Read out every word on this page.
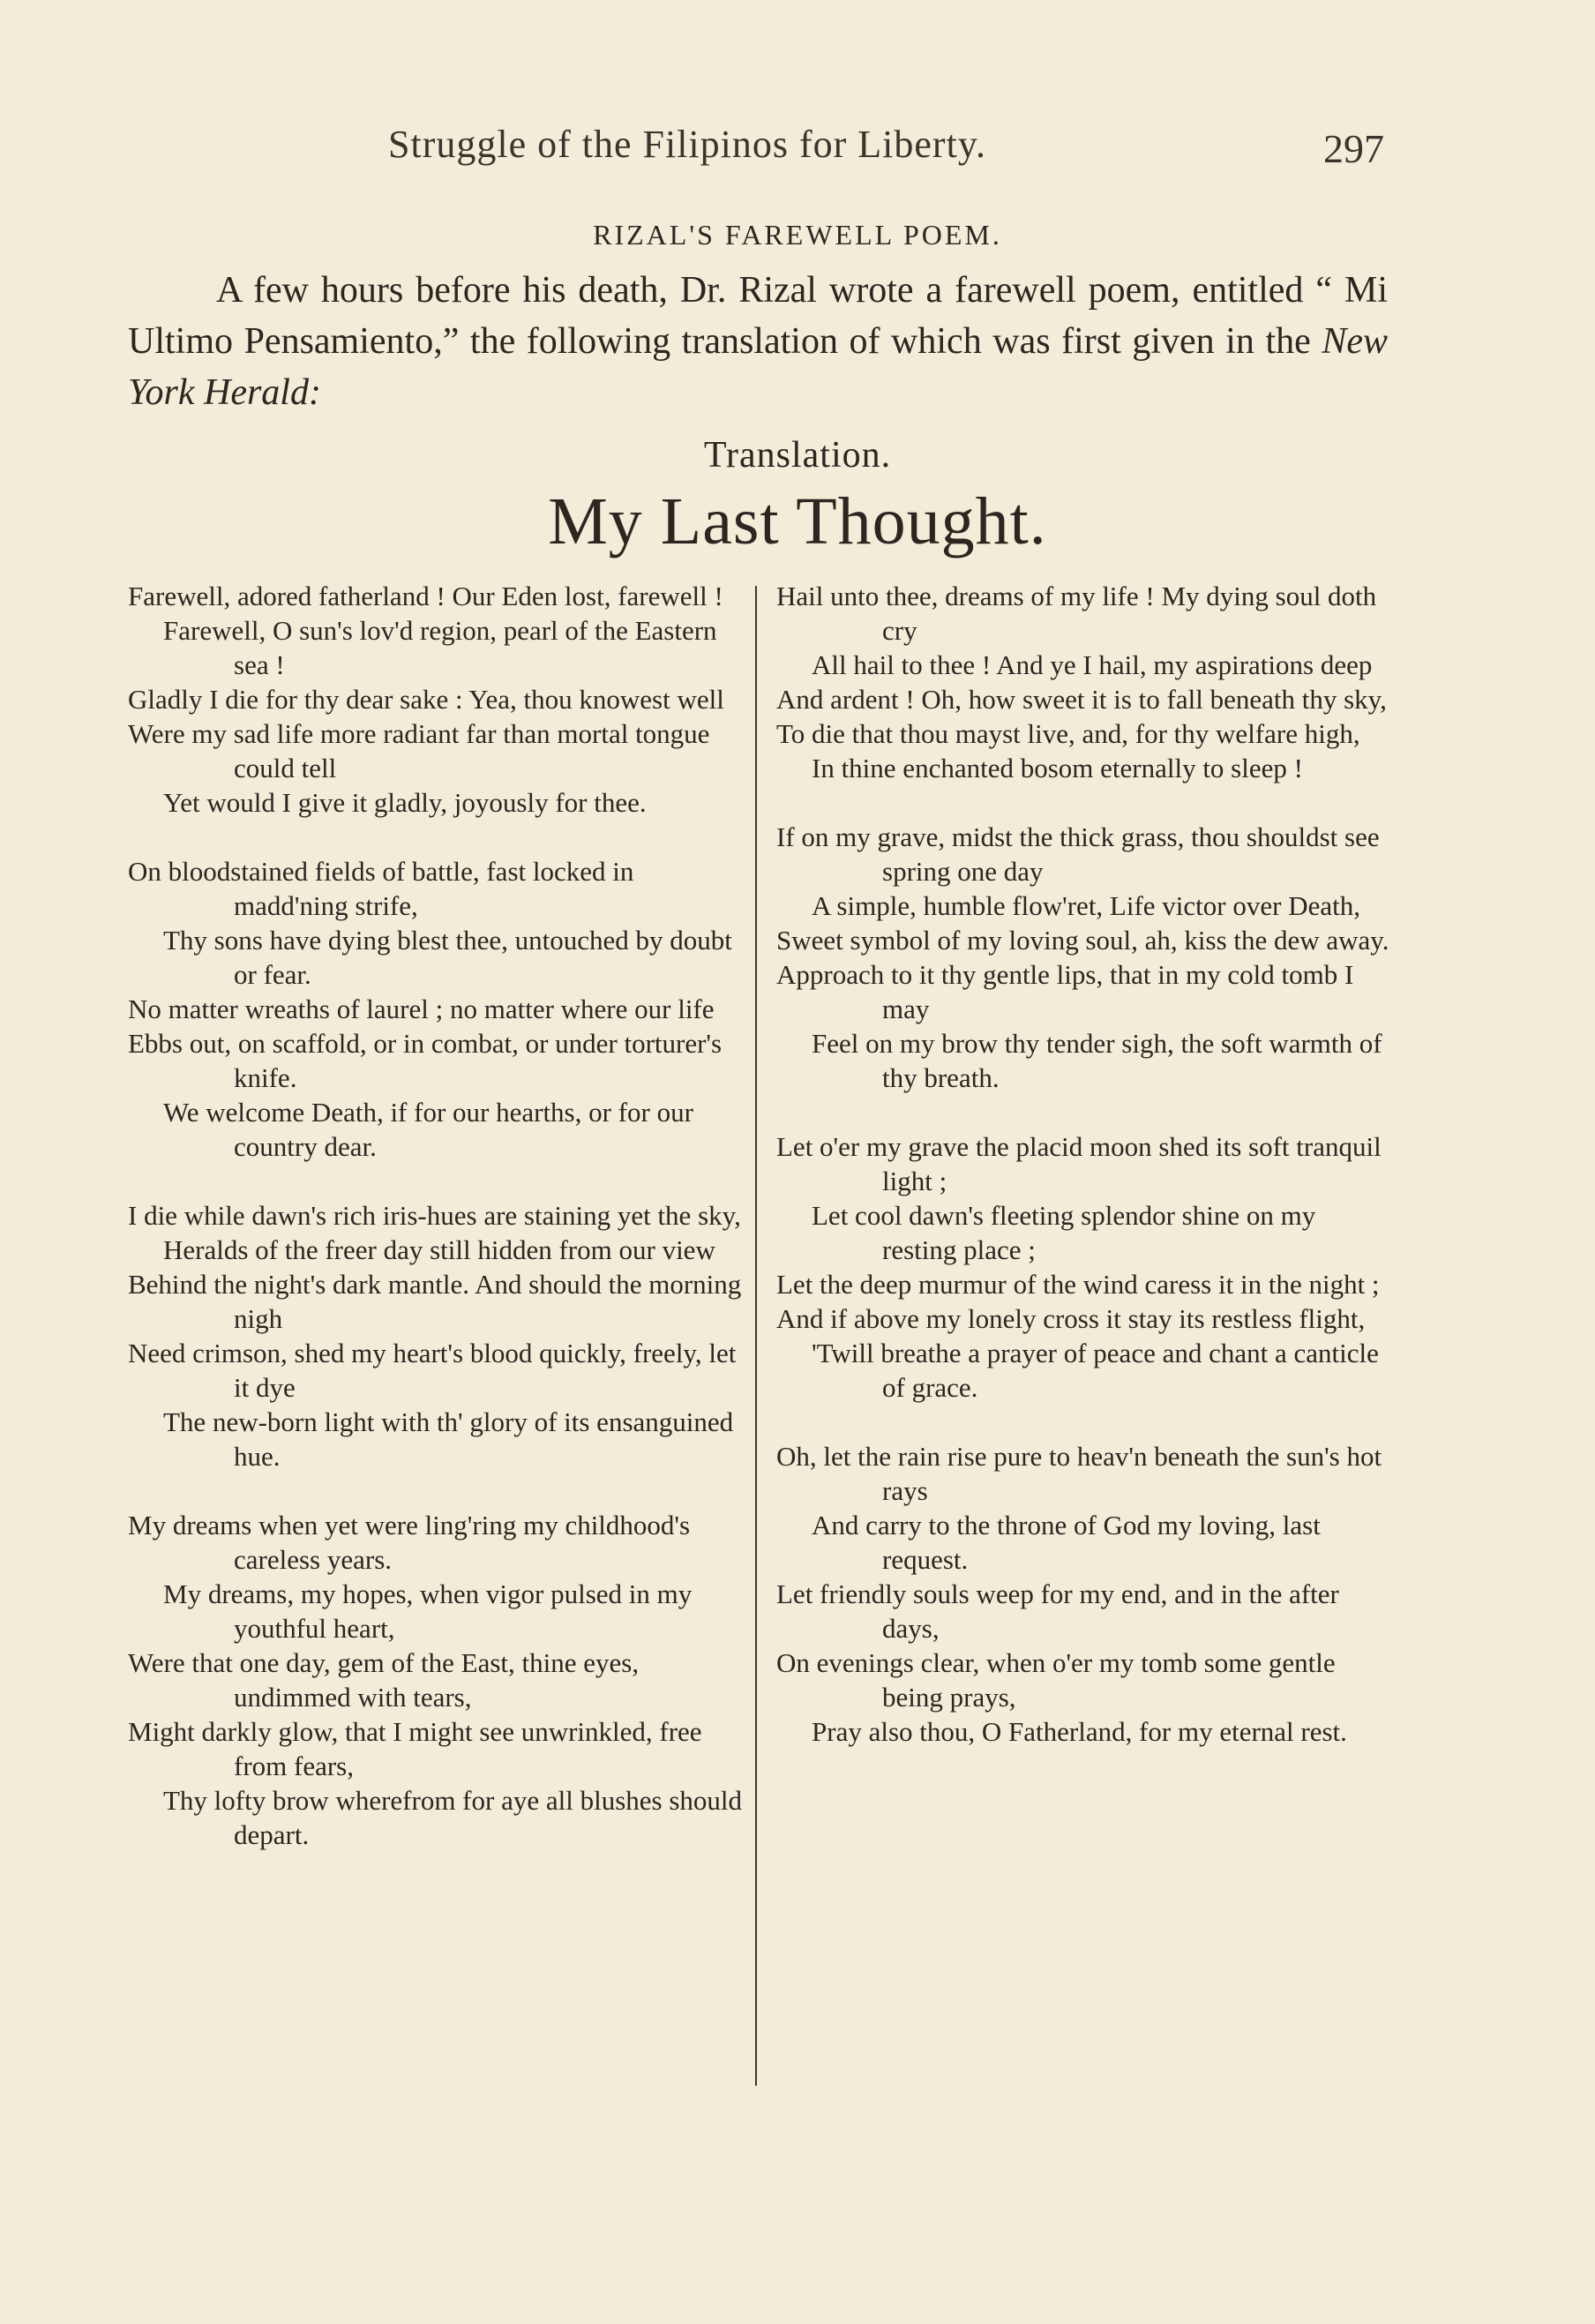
Struggle of the Filipinos for Liberty.	297
RIZAL'S FAREWELL POEM.
A few hours before his death, Dr. Rizal wrote a farewell poem, entitled “ Mi Ultimo Pensamiento,” the following translation of which was first given in the New York Herald:
Translation.
My Last Thought.
Farewell, adored fatherland ! Our Eden lost, farewell !
Farewell, O sun's lov'd region, pearl of the Eastern sea !
Gladly I die for thy dear sake : Yea, thou knowest well
Were my sad life more radiant far than mortal tongue could tell
Yet would I give it gladly, joyously for thee.
On bloodstained fields of battle, fast locked in madd'ning strife,
Thy sons have dying blest thee, untouched by doubt or fear.
No matter wreaths of laurel ; no matter where our life
Ebbs out, on scaffold, or in combat, or under torturer's knife.
We welcome Death, if for our hearths, or for our country dear.
I die while dawn's rich iris-hues are staining yet the sky,
Heralds of the freer day still hidden from our view
Behind the night's dark mantle. And should the morning nigh
Need crimson, shed my heart's blood quickly, freely, let it dye
The new-born light with th' glory of its ensanguined hue.
My dreams when yet were ling'ring my childhood's careless years.
My dreams, my hopes, when vigor pulsed in my youthful heart,
Were that one day, gem of the East, thine eyes, undimmed with tears,
Might darkly glow, that I might see unwrinkled, free from fears,
Thy lofty brow wherefrom for aye all blushes should depart.
Hail unto thee, dreams of my life ! My dying soul doth cry
All hail to thee ! And ye I hail, my aspirations deep
And ardent ! Oh, how sweet it is to fall beneath thy sky,
To die that thou mayst live, and, for thy welfare high,
In thine enchanted bosom eternally to sleep !
If on my grave, midst the thick grass, thou shouldst see spring one day
A simple, humble flow'ret, Life victor over Death,
Sweet symbol of my loving soul, ah, kiss the dew away.
Approach to it thy gentle lips, that in my cold tomb I may
Feel on my brow thy tender sigh, the soft warmth of thy breath.
Let o'er my grave the placid moon shed its soft tranquil light ;
Let cool dawn's fleeting splendor shine on my resting place ;
Let the deep murmur of the wind caress it in the night ;
And if above my lonely cross it stay its restless flight,
'Twill breathe a prayer of peace and chant a canticle of grace.
Oh, let the rain rise pure to heav'n beneath the sun's hot rays
And carry to the throne of God my loving, last request.
Let friendly souls weep for my end, and in the after days,
On evenings clear, when o'er my tomb some gentle being prays,
Pray also thou, O Fatherland, for my eternal rest.
